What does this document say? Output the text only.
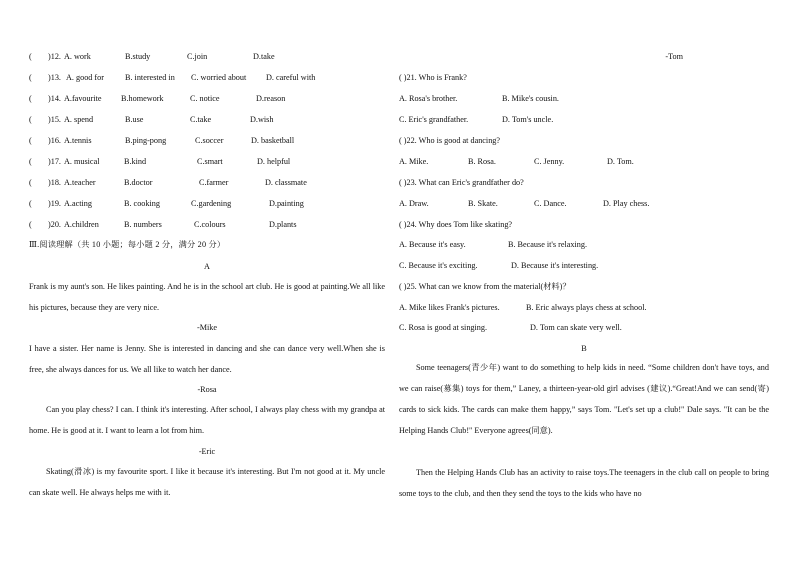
( )12. A. work	B.study	C.join	D.take
( )13. A. good for	B. interested in C. worried about D. careful with
( )14. A.favourite B.homework	C. notice	D.reason
( )15. A. spend	B.use	C.take	D.wish
( )16. A.tennis	B.ping-pong	C.soccer	D. basketball
( )17. A. musical	B.kind	C.smart	D. helpful
( )18. A.teacher	B.doctor	C.farmer	D. classmate
( )19. A.acting	B. cooking	C.gardening	D.painting
( )20. A.children	B. numbers	C.colours	D.plants
Ⅲ.阅读理解（共 10 小题；每小题 2 分，满分 20 分）
A

Frank is my aunt's son. He likes painting. And he is in the school art club. He is good at painting.We all like his pictures, because they are very nice.

-Mike

I have a sister. Her name is Jenny. She is interested in dancing and she can dance very well.When she is free, she always dances for us. We all like to watch her dance.

-Rosa

Can you play chess? I can. I think it's interesting. After school, I always play chess with my grandpa at home. He is good at it. I want to learn a lot from him.

-Eric

Skating(滑冰) is my favourite sport. I like it because it's interesting. But I'm not good at it. My uncle can skate well. He always helps me with it.

-Tom
( )21. Who is Frank?
A. Rosa's brother.	B. Mike's cousin.
C. Eric's grandfather.	D. Tom's uncle.
( )22. Who is good at dancing?
A. Mike.	B. Rosa.	C. Jenny.	D. Tom.
( )23. What can Eric's grandfather do?
A. Draw.	B. Skate.	C. Dance.	D. Play chess.
( )24. Why does Tom like skating?
A. Because it's easy.	B. Because it's relaxing.
C. Because it's exciting.	D. Because it's interesting.
( )25. What can we know from the material(材料)？
A. Mike likes Frank's pictures.	B. Eric always plays chess at school.
C. Rosa is good at singing.	D. Tom can skate very well.
B

Some teenagers(青少年) want to do something to help kids in need. “Some children don't have toys, and we can raise(募集) toys for them,” Laney, a thirteen-year-old girl advises (建议).“Great!And we can send(寄) cards to sick kids. The cards can make them happy,” says Tom. "Let's set up a club!" Dale says. "It can be the Helping Hands Club!" Everyone agrees(同意).

Then the Helping Hands Club has an activity to raise toys.The teenagers in the club call on people to bring some toys to the club, and then they send the toys to the kids who have no
